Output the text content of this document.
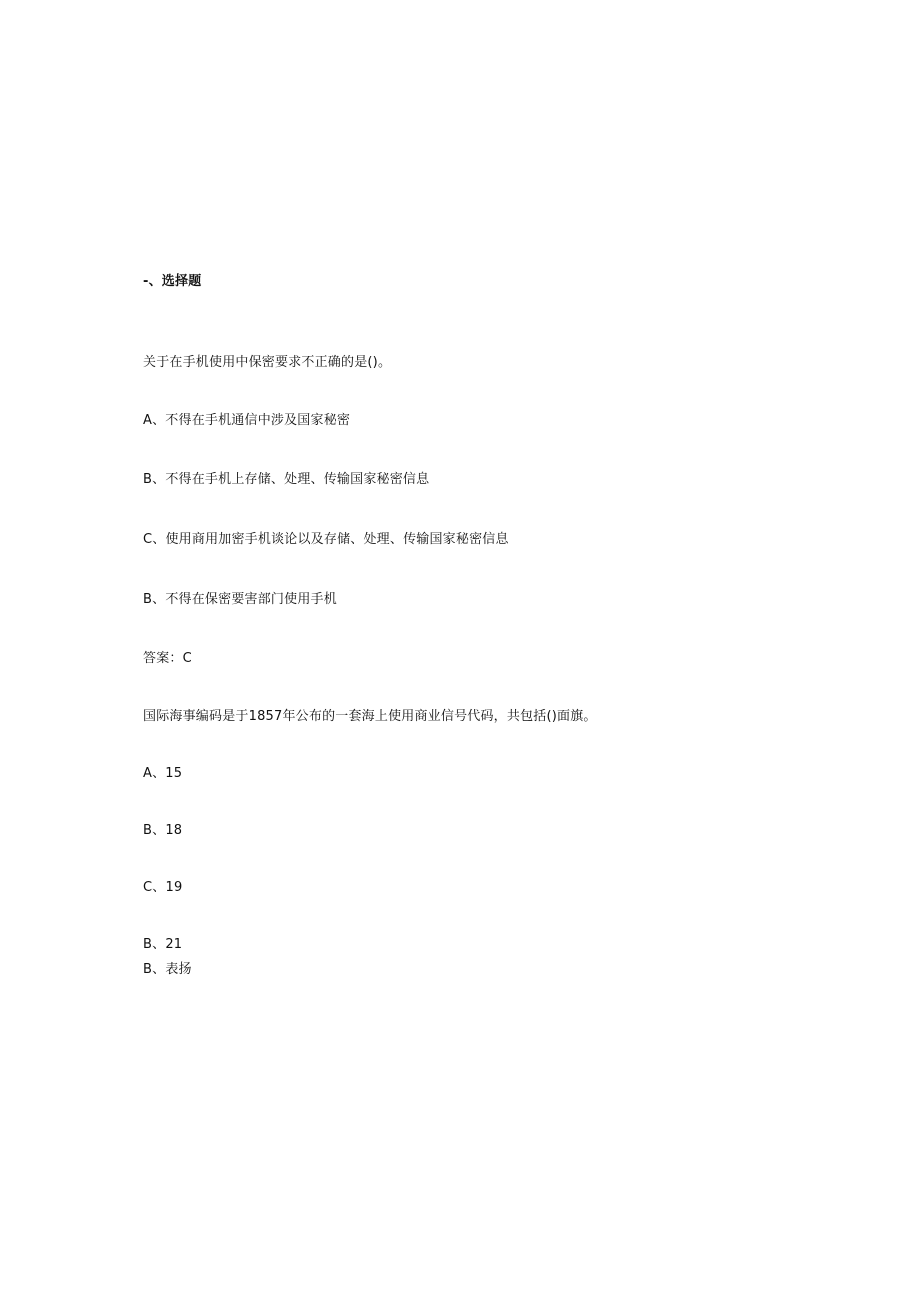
-、选择题
关于在手机使用中保密要求不正确的是()。
A、不得在手机通信中涉及国家秘密
B、不得在手机上存储、处理、传输国家秘密信息
C、使用商用加密手机谈论以及存储、处理、传输国家秘密信息
B、不得在保密要害部门使用手机
答案：C
国际海事编码是于1857年公布的一套海上使用商业信号代码，共包括()面旗。
A、15
B、18
C、19
B、21
B、表扬
